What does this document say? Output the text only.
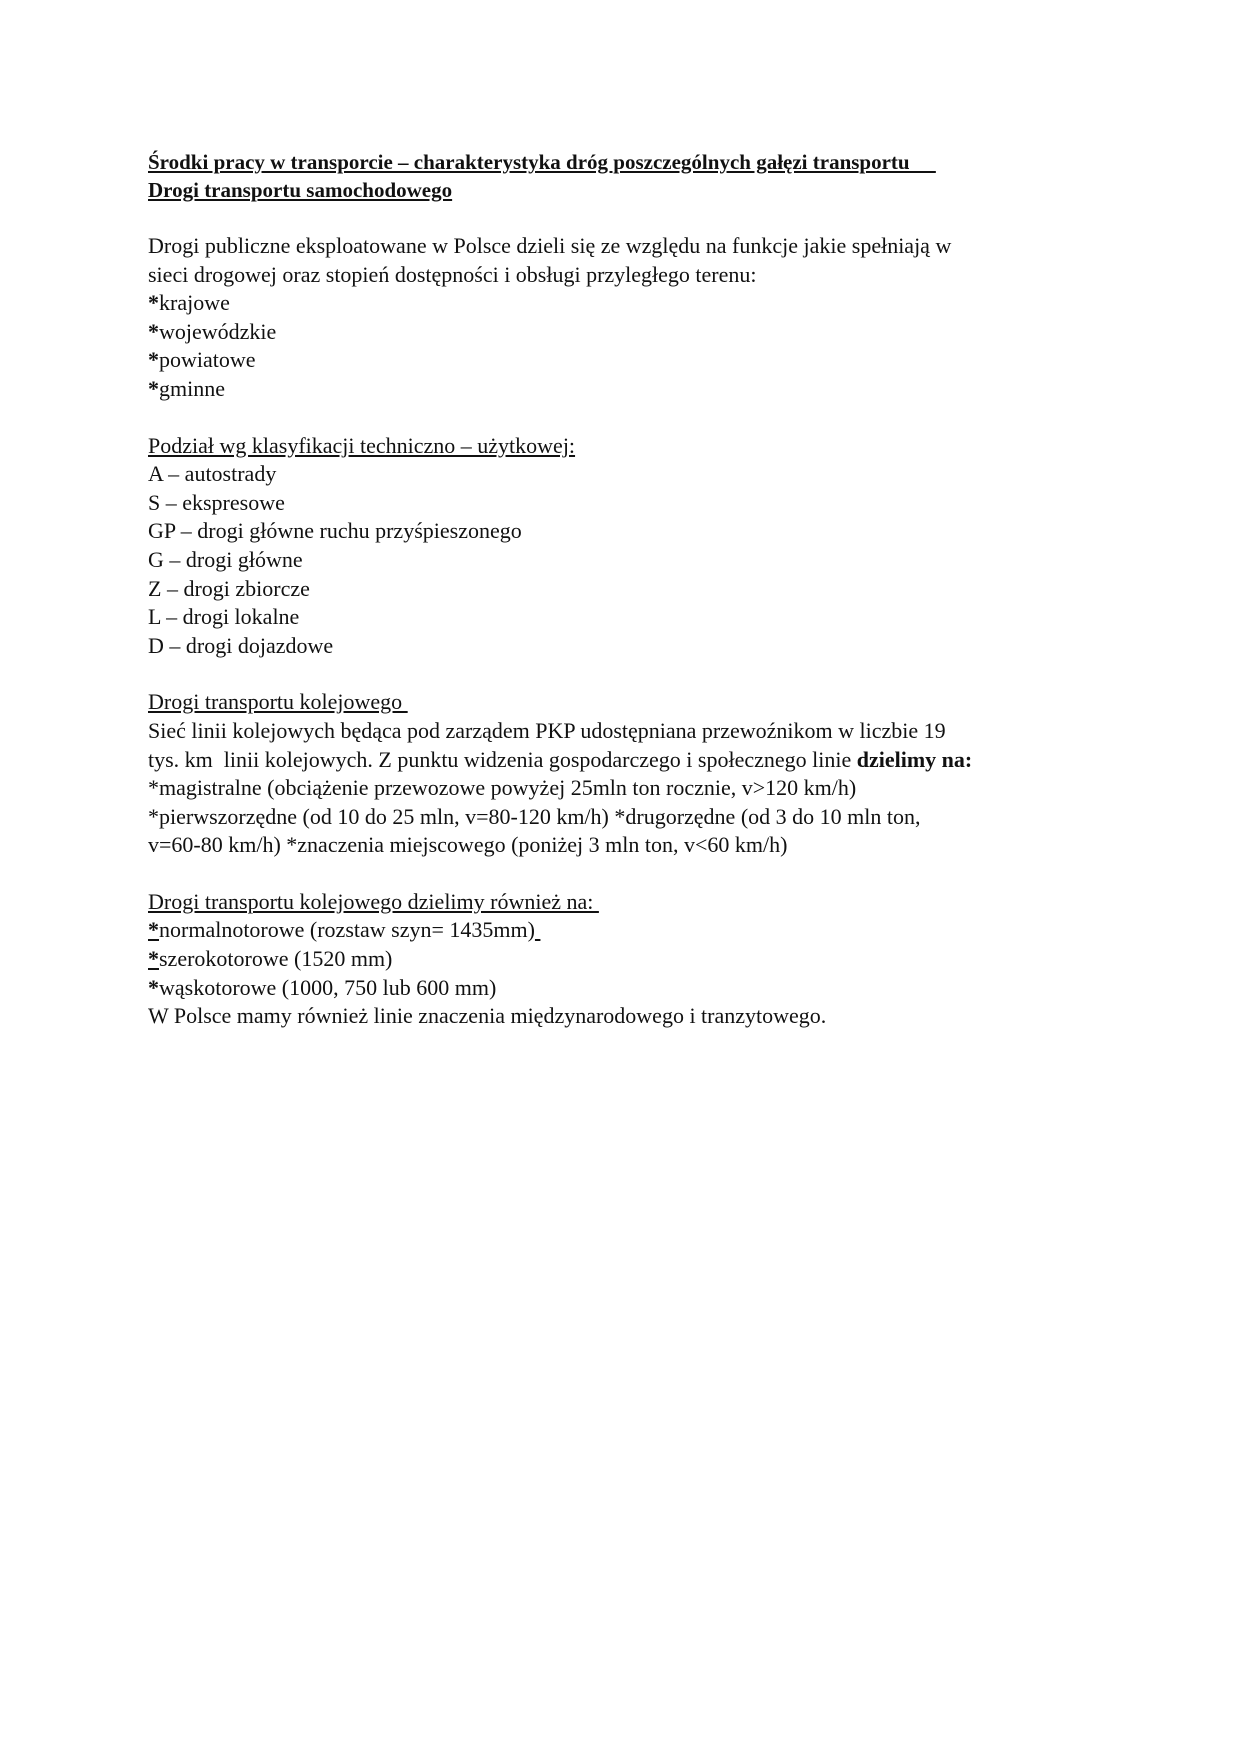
Środki pracy w transporcie – charakterystyka dróg poszczególnych gałęzi transportu
Drogi transportu samochodowego
Drogi publiczne eksploatowane w Polsce dzieli się ze względu na funkcje jakie spełniają w
sieci drogowej oraz stopień dostępności i obsługi przyległego terenu:
*krajowe
*wojewódzkie
*powiatowe
*gminne
Podział wg klasyfikacji techniczno – użytkowej:
A – autostrady
S – ekspresowe
GP – drogi główne ruchu przyśpieszonego
G – drogi główne
Z – drogi zbiorcze
L – drogi lokalne
D – drogi dojazdowe
Drogi transportu kolejowego
Sieć linii kolejowych będąca pod zarządem PKP udostępniana przewoźnikom w liczbie 19
tys. km  linii kolejowych. Z punktu widzenia gospodarczego i społecznego linie dzielimy na:
*magistralne (obciążenie przewozowe powyżej 25mln ton rocznie, v>120 km/h)
*pierwszorzędne (od 10 do 25 mln, v=80-120 km/h) *drugorzędne (od 3 do 10 mln ton,
v=60-80 km/h) *znaczenia miejscowego (poniżej 3 mln ton, v<60 km/h)
Drogi transportu kolejowego dzielimy również na:
*normalnotorowe (rozstaw szyn= 1435mm)
*szerokotorowe (1520 mm)
*wąskotorowe (1000, 750 lub 600 mm)
W Polsce mamy również linie znaczenia międzynarodowego i tranzytowego.
